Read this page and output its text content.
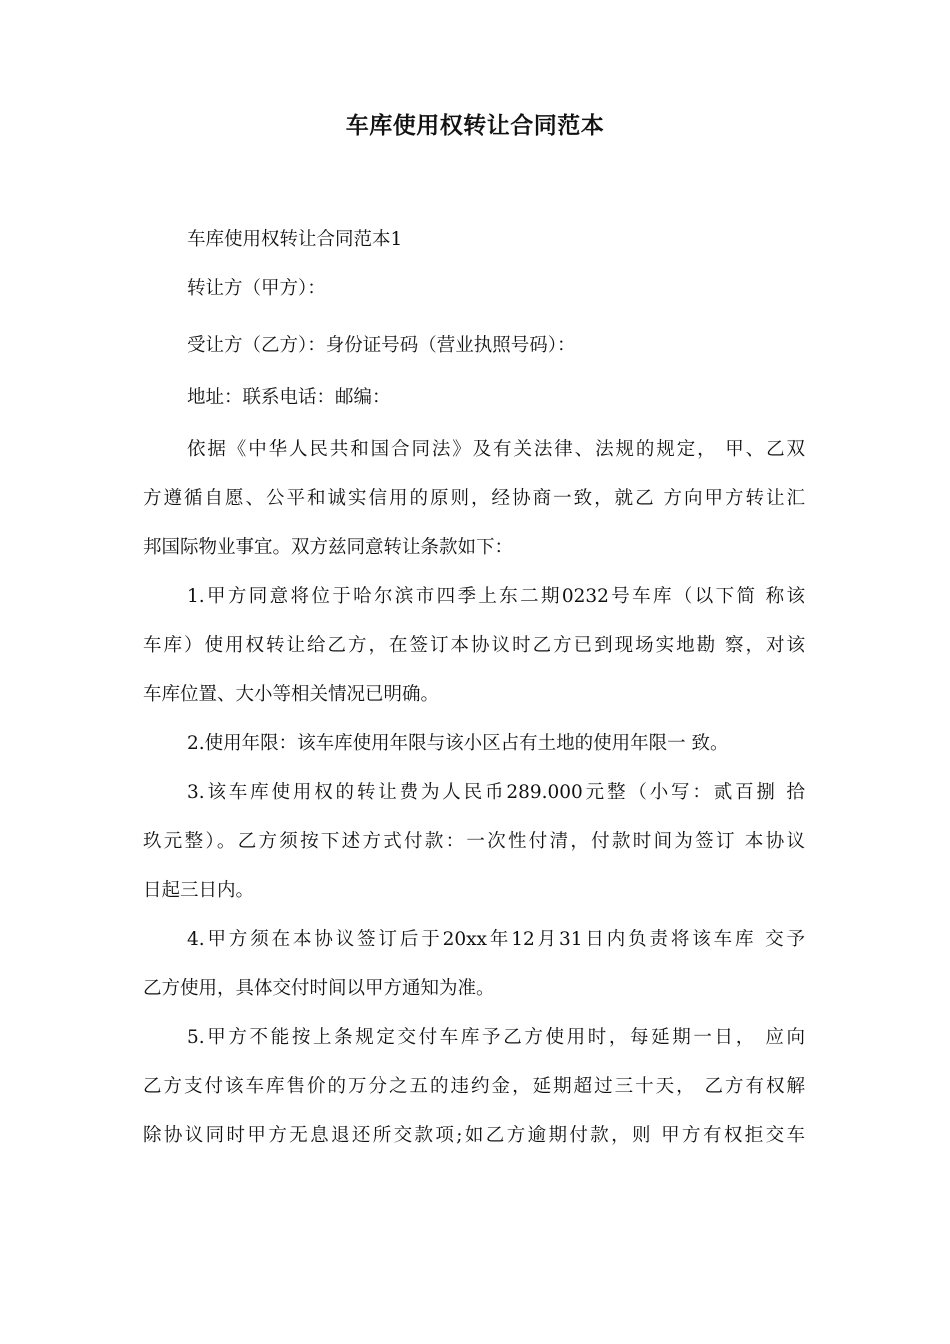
车库使用权转让合同范本
车库使用权转让合同范本1
转让方（甲方）：
受让方（乙方）：身份证号码（营业执照号码）：
地址：联系电话：邮编：
依据《中华人民共和国合同法》及有关法律、法规的规定， 甲、乙双
方遵循自愿、公平和诚实信用的原则，经协商一致，就乙 方向甲方转让汇
邦国际物业事宜。双方兹同意转让条款如下：
1.甲方同意将位于哈尔滨市四季上东二期0232号车库（以下简 称该
车库）使用权转让给乙方，在签订本协议时乙方已到现场实地勘 察，对该
车库位置、大小等相关情况已明确。
2.使用年限：该车库使用年限与该小区占有土地的使用年限一 致。
3.该车库使用权的转让费为人民币289.000元整（小写：贰百捌 拾
玖元整）。乙方须按下述方式付款：一次性付清，付款时间为签订 本协议
日起三日内。
4.甲方须在本协议签订后于20xx年12月31日内负责将该车库 交予
乙方使用，具体交付时间以甲方通知为准。
5.甲方不能按上条规定交付车库予乙方使用时，每延期一日， 应向
乙方支付该车库售价的万分之五的违约金，延期超过三十天， 乙方有权解
除协议同时甲方无息退还所交款项;如乙方逾期付款，则 甲方有权拒交车
